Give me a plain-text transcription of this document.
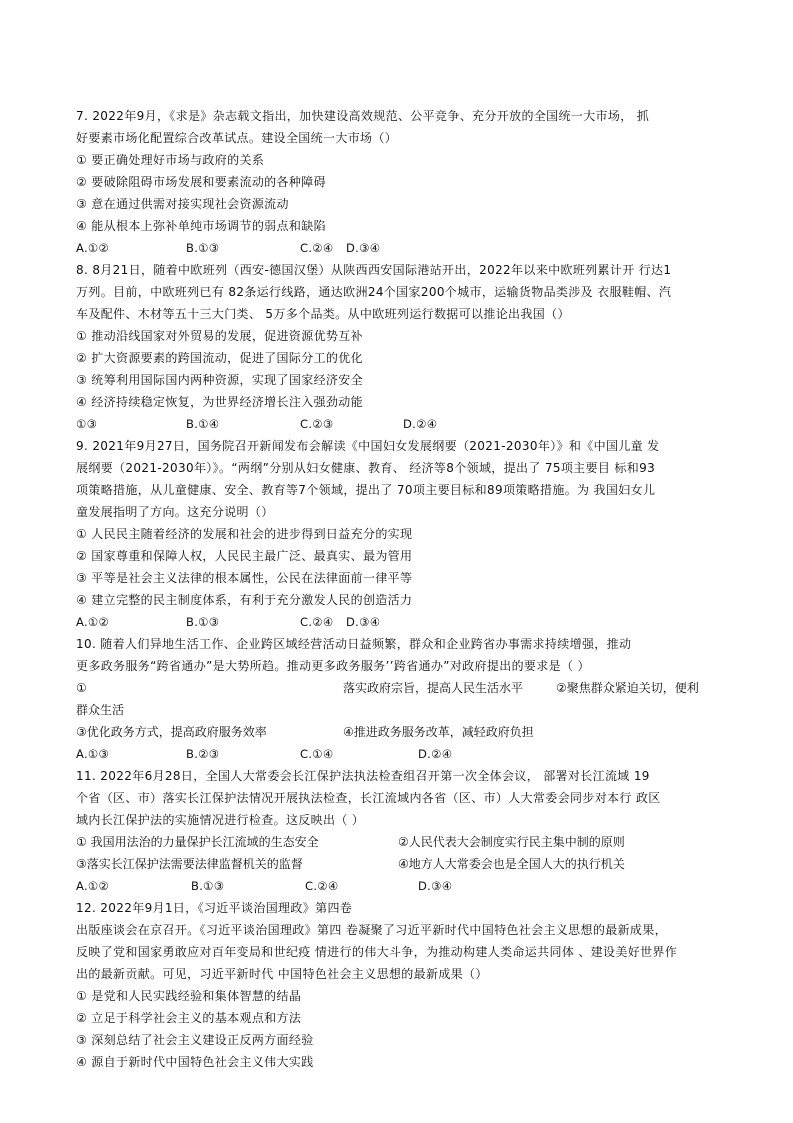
7. 2022年9月，《求是》杂志载文指出，加快建设高效规范、公平竞争、充分开放的全国统一大市场， 抓
好要素市场化配置综合改革试点。建设全国统一大市场（）
① 要正确处理好市场与政府的关系
② 要破除阻碍市场发展和要素流动的各种障碍
③ 意在通过供需对接实现社会资源流动
④ 能从根本上弥补单纯市场调节的弱点和缺陷
A.①②	B.①③	C.②④ D.③④
8. 8月21日，随着中欧班列（西安-德国汉堡）从陕西西安国际港站开出，2022年以来中欧班列累计开 行达1
万列。目前，中欧班列已有 82条运行线路，通达欧洲24个国家200个城市，运输货物品类涉及 衣服鞋帽、汽
车及配件、木材等五十三大门类、 5万多个品类。从中欧班列运行数据可以推论出我国（）
① 推动沿线国家对外贸易的发展，促进资源优势互补
② 扩大资源要素的跨国流动，促进了国际分工的优化
③ 统筹利用国际国内两种资源，实现了国家经济安全
④ 经济持续稳定恢复，为世界经济增长注入强劲动能
①③	B.①④	C.②③	D.②④
9. 2021年9月27日，国务院召开新闻发布会解读《中国妇女发展纲要（2021-2030年）》和《中国儿童 发
展纲要（2021-2030年）》。“两纲”分别从妇女健康、教育、 经济等8个领域，提出了 75项主要目 标和93
项策略措施，从儿童健康、安全、教育等7个领域，提出了 70项主要目标和89项策略措施。为 我国妇女儿
童发展指明了方向。这充分说明（）
① 人民民主随着经济的发展和社会的进步得到日益充分的实现
② 国家尊重和保障人权，人民民主最广泛、最真实、最为管用
③ 平等是社会主义法律的根本属性，公民在法律面前一律平等
④ 建立完整的民主制度体系，有利于充分激发人民的创造活力
A.①②	B.①③	C.②④ D.③④
10. 随着人们异地生活工作、企业跨区域经营活动日益频繁，群众和企业跨省办事需求持续增强，推动
更多政务服务“跨省通办”是大势所趋。推动更多政务服务’’跨省通办”对政府提出的要求是（ ）
①	落实政府宗旨，提高人民生活水平	②聚焦群众紧迫关切，便利
群众生活
③优化政务方式，提高政府服务效率	④推进政务服务改革，减轻政府负担
A.①③	B.②③	C.①④	D.②④
11. 2022年6月28日，全国人大常委会长江保护法执法检查组召开第一次全体会议， 部署对长江流域 19
个省（区、市）落实长江保护法情况开展执法检查，长江流域内各省（区、市）人大常委会同步对本行 政区
域内长江保护法的实施情况进行检查。这反映出（ ）
① 我国用法治的力量保护长江流域的生态安全	②人民代表大会制度实行民主集中制的原则
③落实长江保护法需要法律监督机关的监督	④地方人大常委会也是全国人大的执行机关
A.①②	B.①③	C.②④	D.③④
12. 2022年9月1日，《习近平谈治国理政》第四卷
出版座谈会在京召开。《习近平谈治国理政》第四 卷凝聚了习近平新时代中国特色社会主义思想的最新成果，
反映了党和国家勇敢应对百年变局和世纪疫 情进行的伟大斗争，为推动构建人类命运共同体 、建设美好世界作
出的最新贡献。可见，习近平新时代 中国特色社会主义思想的最新成果（）
① 是党和人民实践经验和集体智慧的结晶
② 立足于科学社会主义的基本观点和方法
③ 深刻总结了社会主义建设正反两方面经验
④ 源自于新时代中国特色社会主义伟大实践
